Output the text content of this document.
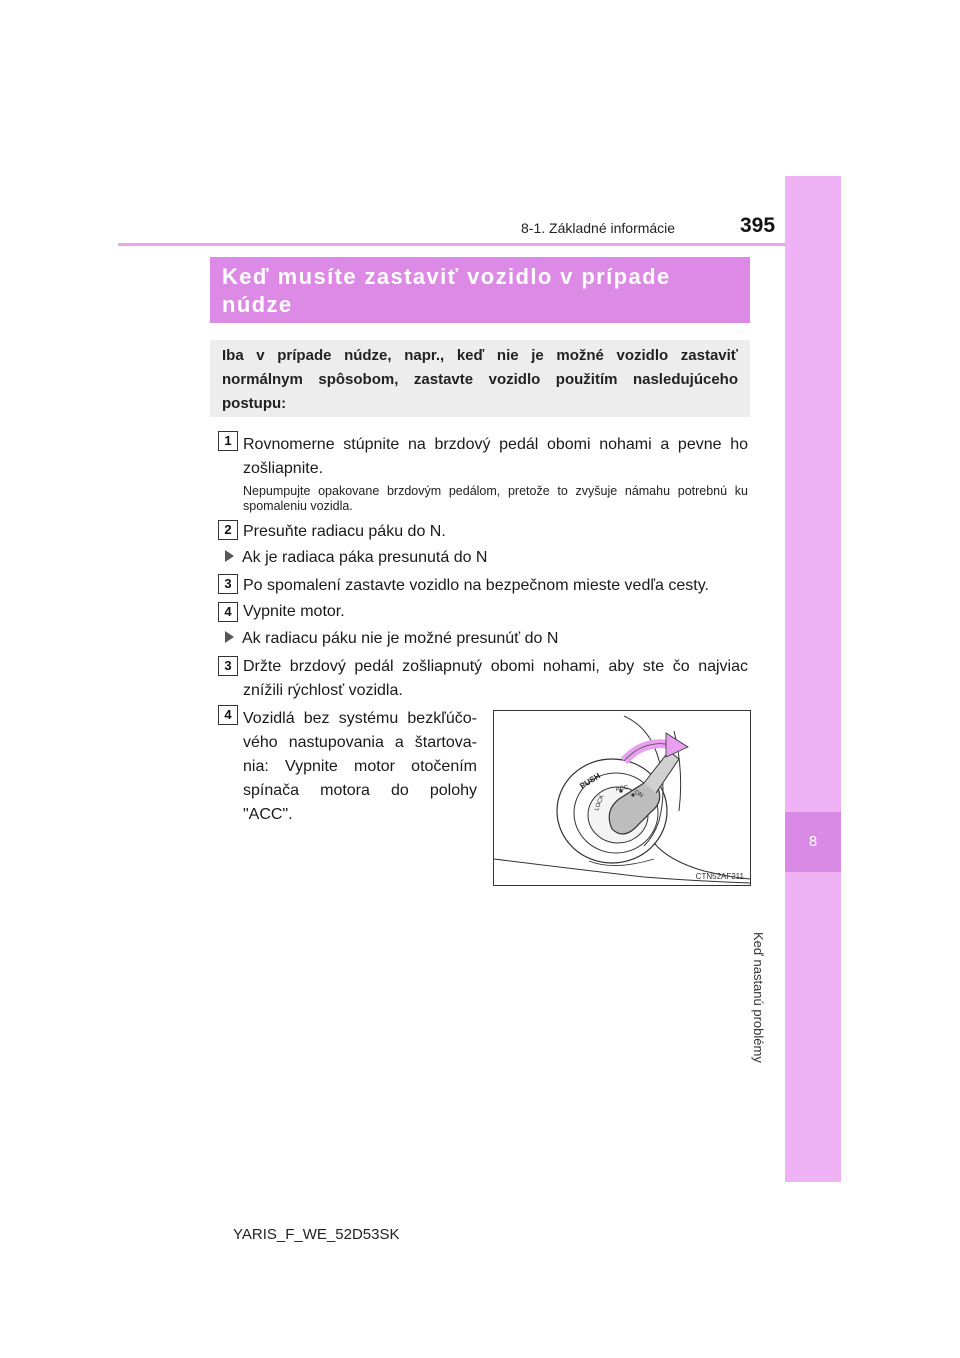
8-1. Základné informácie	395
8
Keď nastanú problémy
Keď musíte zastaviť vozidlo v prípade núdze
Iba v prípade núdze, napr., keď nie je možné vozidlo zastaviť normálnym spôsobom, zastavte vozidlo použitím nasledujúceho postupu:
1 Rovnomerne stúpnite na brzdový pedál obomi nohami a pevne ho zošliapnite.
Nepumpujte opakovane brzdovým pedálom, pretože to zvyšuje námahu potrebnú ku spomaleniu vozidla.
2 Presuňte radiacu páku do N.
Ak je radiaca páka presunutá do N
3 Po spomalení zastavte vozidlo na bezpečnom mieste vedľa cesty.
4 Vypnite motor.
Ak radiacu páku nie je možné presunúť do N
3 Držte brzdový pedál zošliapnutý obomi nohami, aby ste čo najviac znížili rýchlosť vozidla.
4 Vozidlá bez systému bezkľúčového nastupovania a štartovania: Vypnite motor otočením spínača motora do polohy "ACC".
PUSH
LOCK
ACC
ON
CTN52AF211
YARIS_F_WE_52D53SK
